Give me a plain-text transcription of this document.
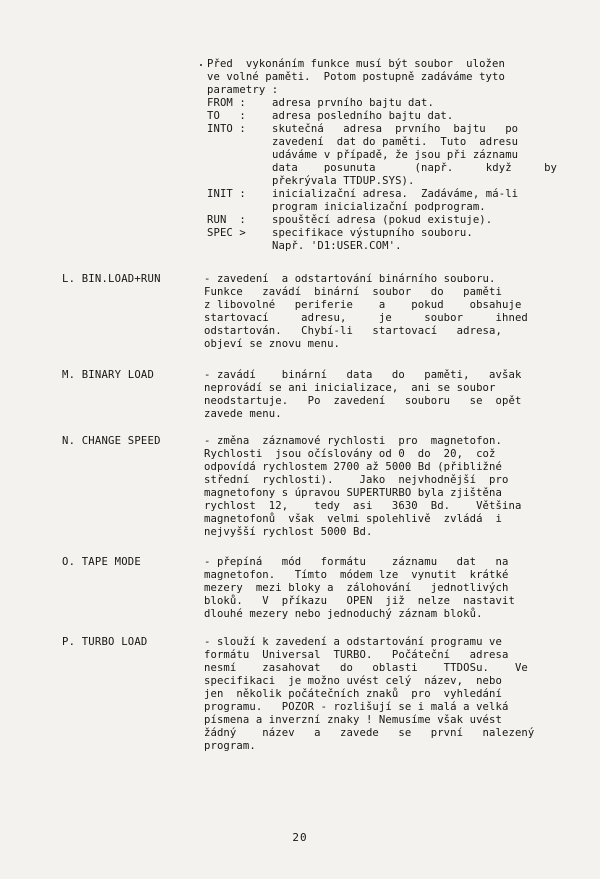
Před  vykonáním funkce musí být soubor  uložen

ve volné paměti.  Potom postupně zadáváme tyto

parametry :

FROM : adresa prvního bajtu dat.

TO   : adresa posledního bajtu dat.

INTO : skutečná   adresa  prvního  bajtu   po

zavedení  dat do paměti.  Tuto  adresu

udáváme v případě, že jsou při záznamu

data    posunuta      (např.     když     by

překrývala TTDUP.SYS).

INIT : inicializační adresa.  Zadáváme, má-li

program inicializační podprogram.

RUN  : spouštěcí adresa (pokud existuje).

SPEC > specifikace výstupního souboru.

Např. 'D1:USER.COM'.

L. BIN.LOAD+RUN	- zavedení  a odstartování binárního souboru.

Funkce   zavádí  binární  soubor   do   paměti

z libovolné   periferie    a    pokud    obsahuje

startovací     adresu,     je     soubor     ihned

odstartován.   Chybí-li   startovací   adresa,

objeví se znovu menu.

M. BINARY LOAD	- zavádí    binární   data   do   paměti,   avšak

neprovádí se ani inicializace,  ani se soubor

neodstartuje.   Po  zavedení   souboru   se  opět

zavede menu.

N. CHANGE SPEED	- změna  záznamové rychlosti  pro  magnetofon.

Rychlosti  jsou očíslovány od 0  do  20,  což

odpovídá rychlostem 2700 až 5000 Bd (přibližné

střední  rychlosti).    Jako  nejvhodnější  pro

magnetofony s úpravou SUPERTURBO byla zjištěna

rychlost  12,    tedy  asi   3630  Bd.    Většina

magnetofonů  však  velmi spolehlivě  zvládá  i

nejvyšší rychlost 5000 Bd.

O. TAPE MODE	- přepíná   mód   formátu    záznamu   dat   na

magnetofon.   Tímto  módem lze  vynutit  krátké

mezery  mezi bloky a  zálohování   jednotlivých

bloků.   V  příkazu   OPEN  již  nelze  nastavit

dlouhé mezery nebo jednoduchý záznam bloků.

P. TURBO LOAD	- slouží k zavedení a odstartování programu ve

formátu  Universal  TURBO.   Počáteční   adresa

nesmí    zasahovat   do   oblasti    TTDOSu.    Ve

specifikaci  je možno uvést celý  název,  nebo

jen  několik počátečních znaků  pro  vyhledání

programu.   POZOR - rozlišují se i malá a velká

písmena a inverzní znaky ! Nemusíme však uvést

žádný    název   a   zavede   se   první   nalezený

program.

20
